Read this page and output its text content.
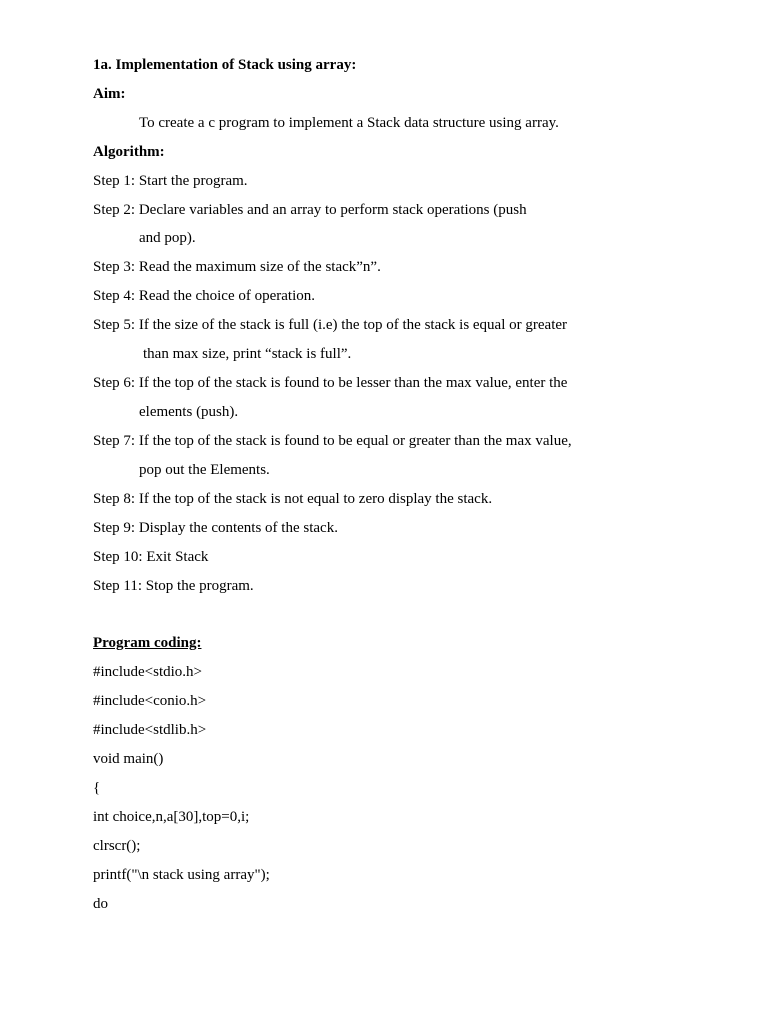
1a. Implementation of Stack using array:
Aim:
To create a c program to implement a Stack data structure using array.
Algorithm:
Step 1: Start the program.
Step 2: Declare variables and an array to perform stack operations (push
and pop).
Step 3: Read the maximum size of the stack”n”.
Step 4: Read the choice of operation.
Step 5: If the size of the stack is full (i.e) the top of the stack is equal or greater
than max size, print “stack is full”.
Step 6: If the top of the stack is found to be lesser than the max value, enter the
elements (push).
Step 7: If the top of the stack is found to be equal or greater than the max value,
pop out the Elements.
Step 8: If the top of the stack is not equal to zero display the stack.
Step 9: Display the contents of the stack.
Step 10: Exit Stack
Step 11: Stop the program.
Program coding:
#include<stdio.h>
#include<conio.h>
#include<stdlib.h>
void main()
{
int choice,n,a[30],top=0,i;
clrscr();
printf("\n stack using array");
do
